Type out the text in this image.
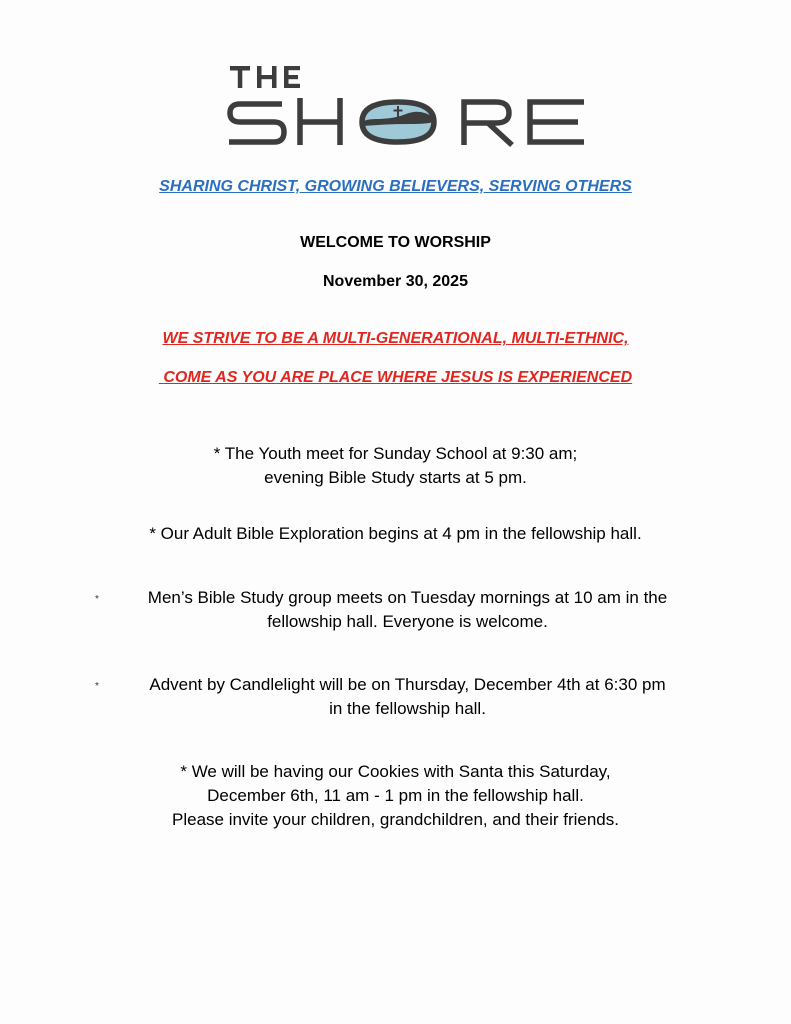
SHARING CHRIST, GROWING BELIEVERS, SERVING OTHERS
WELCOME TO WORSHIP
November 30, 2025
WE STRIVE TO BE A MULTI-GENERATIONAL, MULTI-ETHNIC,
COME AS YOU ARE PLACE WHERE JESUS IS EXPERIENCED
* The Youth meet for Sunday School at 9:30 am;
evening Bible Study starts at 5 pm.
* Our Adult Bible Exploration begins at 4 pm in the fellowship hall.
*	Men’s Bible Study group meets on Tuesday mornings at 10 am in the
fellowship hall. Everyone is welcome.
*	Advent by Candlelight will be on Thursday, December 4th at 6:30 pm
in the fellowship hall.
* We will be having our Cookies with Santa this Saturday,
December 6th, 11 am - 1 pm in the fellowship hall.
Please invite your children, grandchildren, and their friends.
